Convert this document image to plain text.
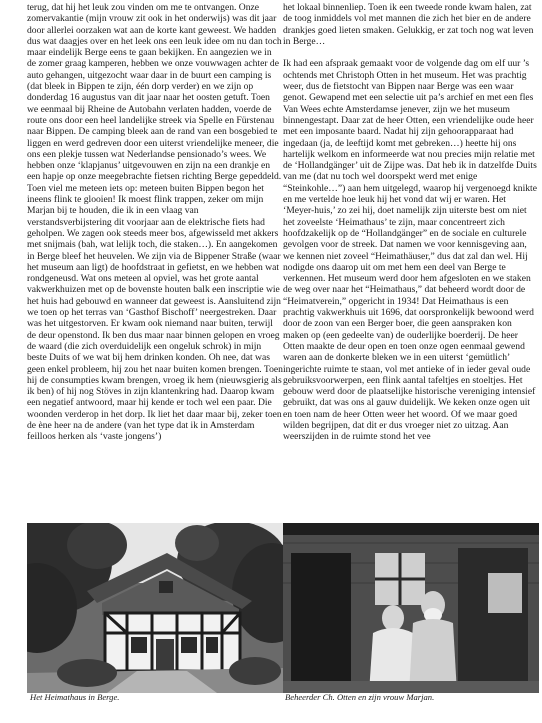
terug, dat hij het leuk zou vinden om me te ontvangen. Onze zomervakantie (mijn vrouw zit ook in het onderwijs) was dit jaar door allerlei oorzaken wat aan de korte kant geweest. We hadden dus wat daagjes over en het leek ons een leuk idee om nu dan toch maar eindelijk Berge eens te gaan bekijken. En aangezien we in de zomer graag kamperen, hebben we onze vouwwagen achter de auto gehangen, uitgezocht waar daar in de buurt een camping is (dat bleek in Bippen te zijn, één dorp verder) en we zijn op donderdag 16 augustus van dit jaar naar het oosten getuft. Toen we eenmaal bij Rheine de Autobahn verlaten hadden, voerde de route ons door een heel landelijke streek via Spelle en Fürstenau naar Bippen. De camping bleek aan de rand van een bosgebied te liggen en werd gedreven door een uiterst vriendelijke meneer, die ons een plekje tussen wat Nederlandse pensionado’s wees. We hebben onze ‘klapjanus’ uitgevouwen en zijn na een drankje en een hapje op onze meegebrachte fietsen richting Berge gepeddeld. Toen viel me meteen iets op: meteen buiten Bippen begon het ineens flink te glooien! Ik moest flink trappen, zeker om mijn Marjan bij te houden, die ik in een vlaag van verstandsverbijstering dit voorjaar aan de elektrische fiets had geholpen. We zagen ook steeds meer bos, afgewisseld met akkers met snijmais (bah, wat lelijk toch, die staken…). En aangekomen in Berge bleef het heuvelen. We zijn via de Bippener Straße (waar het museum aan ligt) de hoofdstraat in gefietst, en we hebben wat rondgeneusd. Wat ons meteen al opviel, was het grote aantal vakwerkhuizen met op de bovenste houten balk een inscriptie wie het huis had gebouwd en wanneer dat geweest is. Aansluitend zijn we toen op het terras van ‘Gasthof Bischoff’ neergestreken. Daar was het uitgestorven. Er kwam ook niemand naar buiten, terwijl de deur openstond. Ik ben dus maar naar binnen gelopen en vroeg de waard (die zich overduidelijk een ongeluk schrok) in mijn beste Duits of we wat bij hem drinken konden. Oh nee, dat was geen enkel probleem, hij zou het naar buiten komen brengen. Toen hij de consumpties kwam brengen, vroeg ik hem (nieuwsgierig als ik ben) of hij nog Stöves in zijn klantenkring had. Daarop kwam een negatief antwoord, maar hij kende er toch wel een paar. Die woonden verderop in het dorp. Ik liet het daar maar bij, zeker toen de ène heer na de andere (van het type dat ik in Amsterdam feilloos herken als ‘vaste jongens’)

het lokaal binnenliep. Toen ik een tweede ronde kwam halen, zat de toog inmiddels vol met mannen die zich het bier en de andere drankjes goed lieten smaken. Gelukkig, er zat toch nog wat leven in Berge…

Ik had een afspraak gemaakt voor de volgende dag om elf uur ’s ochtends met Christoph Otten in het museum. Het was prachtig weer, dus de fietstocht van Bippen naar Berge was een waar genot. Gewapend met een selectie uit pa’s archief en met een fles Van Wees echte Amsterdamse jenever, zijn we het museum binnengestapt. Daar zat de heer Otten, een vriendelijke oude heer met een imposante baard. Nadat hij zijn gehoorapparaat had ingedaan (ja, de leeftijd komt met gebreken…) heette hij ons hartelijk welkom en informeerde wat nou precies mijn relatie met de ‘Hollandgänger’ uit de Zijpe was. Dat heb ik in datzelfde Duits van me (dat nu toch wel doorspekt werd met enige “Steinkohle…”) aan hem uitgelegd, waarop hij vergenoegd knikte en me vertelde hoe leuk hij het vond dat wij er waren. Het ‘Meyer-huis,’ zo zei hij, doet namelijk zijn uiterste best om niet het zoveelste ‘Heimathaus’ te zijn, maar concentreert zich hoofdzakelijk op de “Hollandgänger” en de sociale en culturele gevolgen voor de streek. Dat namen we voor kennisgeving aan, we kennen niet zoveel “Heimathäuser,” dus dat zal dan wel. Hij nodigde ons daarop uit om met hem een deel van Berge te verkennen. Het museum werd door hem afgesloten en we staken de weg over naar het “Heimathaus,” dat beheerd wordt door de “Heimatverein,” opgericht in 1934! Dat Heimathaus is een prachtig vakwerkhuis uit 1696, dat oorspronkelijk bewoond werd door de zoon van een Berger boer, die geen aanspraken kon maken op (een gedeelte van) de ouderlijke boerderij. De heer Otten maakte de deur open en toen onze ogen eenmaal gewend waren aan de donkerte bleken we in een uiterst ‘gemütlich’ ingerichte ruimte te staan, vol met antieke of in ieder geval oude gebruiksvoorwerpen, een flink aantal tafeltjes en stoeltjes. Het gebouw werd door de plaatselijke historische vereniging intensief gebruikt, dat was ons al gauw duidelijk. We keken onze ogen uit en toen nam de heer Otten weer het woord. Of we maar goed wilden begrijpen, dat dit er dus vroeger niet zo uitzag. Aan weerszijden in de ruimte stond het vee

Het Heimathaus in Berge.	Beheerder Ch. Otten en zijn vrouw Marjan.
